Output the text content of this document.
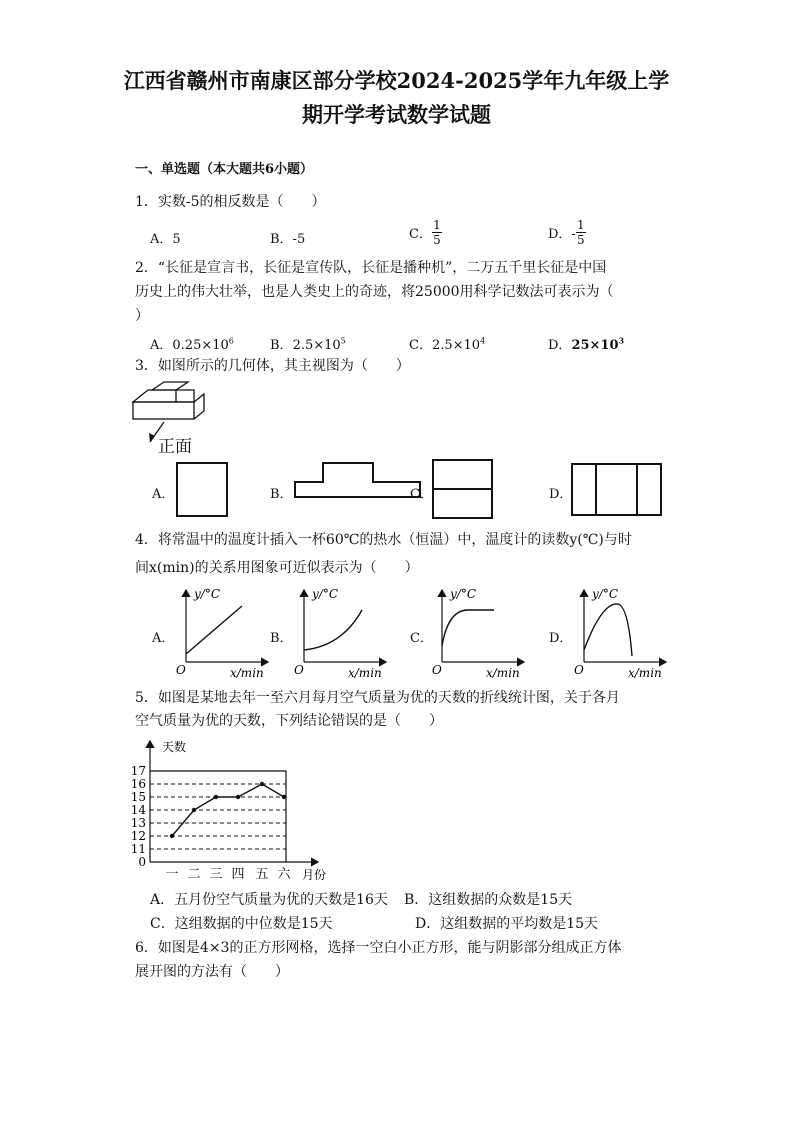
江西省赣州市南康区部分学校2024-2025学年九年级上学
期开学考试数学试题
一、单选题（本大题共6小题）
1．实数-5的相反数是（　　）
A．5	B．-5	C． $\frac{1}{5}$	D．- $\frac{1}{5}$
2．“长征是宣言书，长征是宣传队，长征是播种机”，二万五千里长征是中国
历史上的伟大壮举，也是人类史上的奇迹，将25000用科学记数法可表示为（
）
A．$0.25\times 10^6$	B．$2.5\times 10^5$	C．$2.5\times 10^4$	D．$25\times 10^3$
3．如图所示的几何体，其主视图为（　　）
正面
A．	B．	C．	D．
4．将常温中的温度计插入一杯60℃的热水（恒温）中，温度计的读数y(℃)与时
间x(min)的关系用图象可近似表示为（　　）
A．	B．	C．	D．
y/°C
x/min
O
y/°C
x/min
O
y/°C
x/min
O
y/°C
x/min
O
5．如图是某地去年一至六月每月空气质量为优的天数的折线统计图，关于各月
空气质量为优的天数，下列结论错误的是（　　）
0
11
12
13
14
15
16
17
天数
月份
一 二 三 四 五 六
A．五月份空气质量为优的天数是16天 B．这组数据的众数是15天
C．这组数据的中位数是15天	D．这组数据的平均数是15天
6．如图是4×3的正方形网格，选择一空白小正方形，能与阴影部分组成正方体
展开图的方法有（　　）
